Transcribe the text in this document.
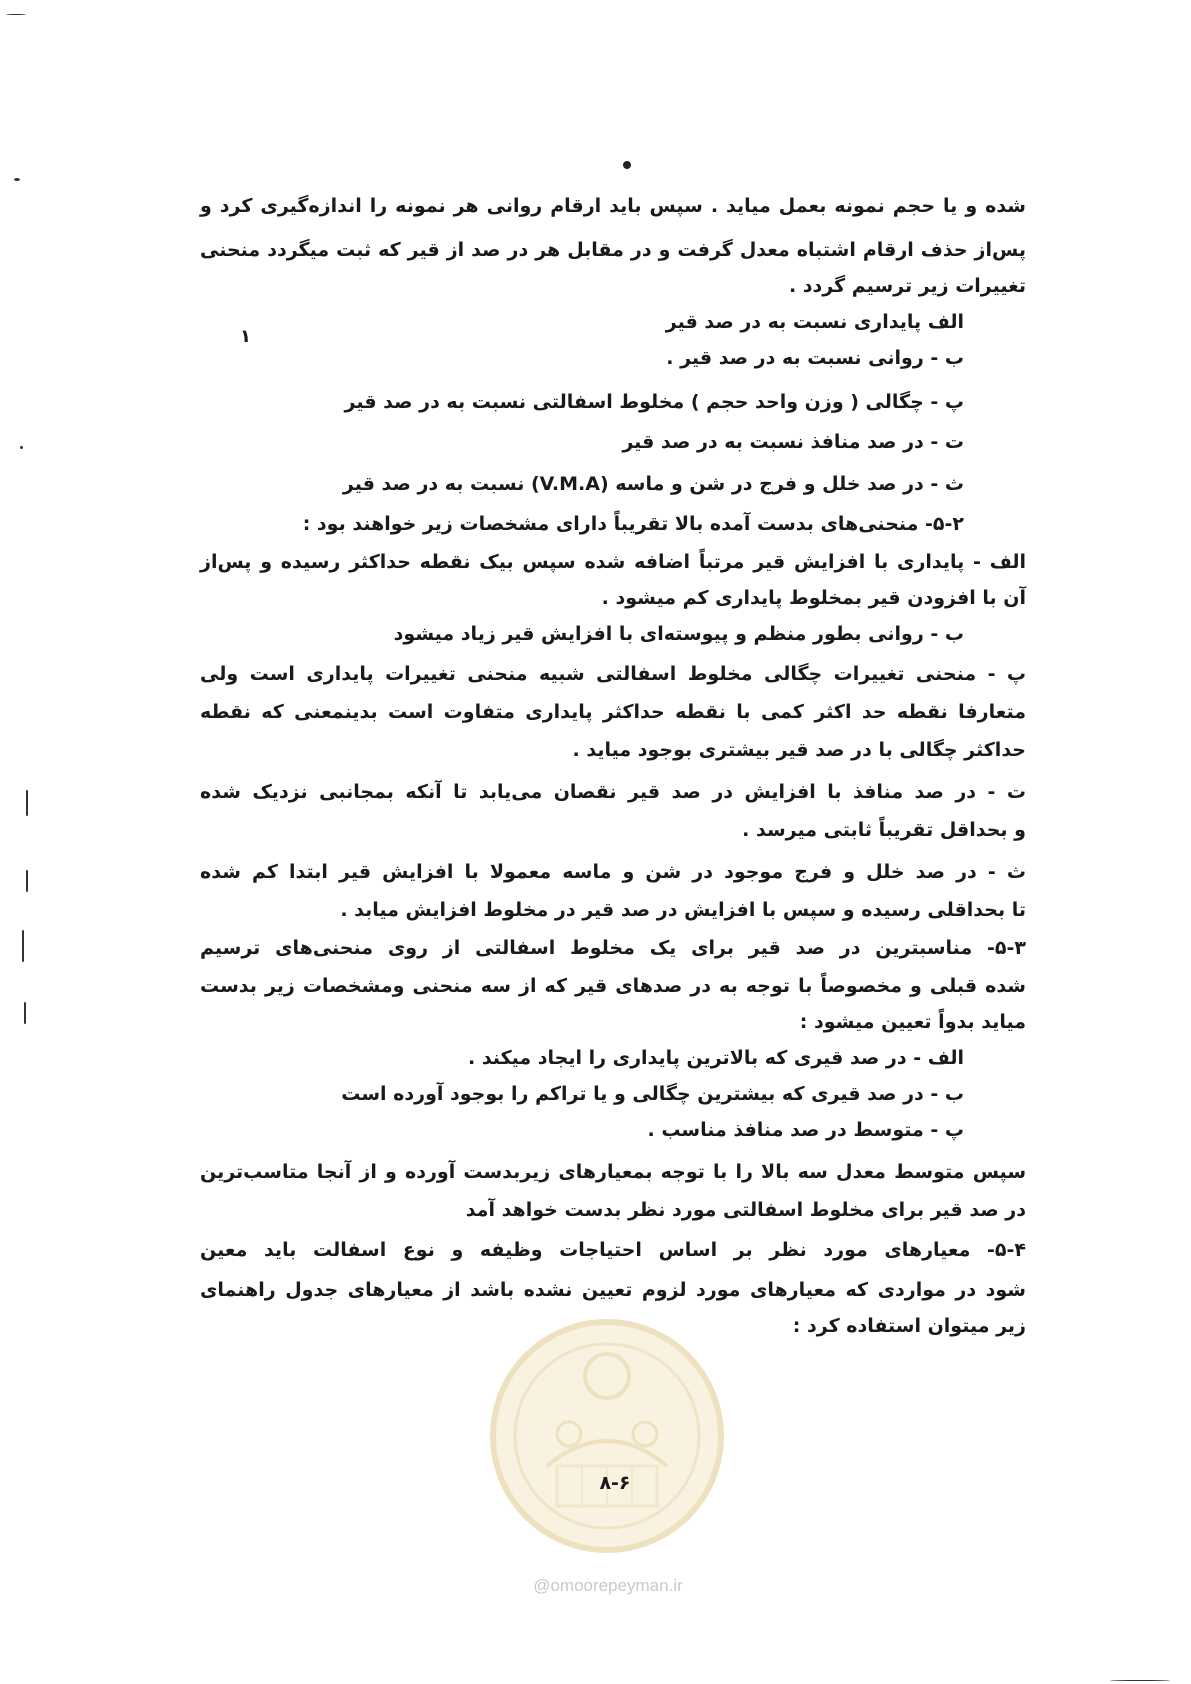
۱
شده و یا حجم نمونه بعمل میاید . سپس باید ارقام روانی هر نمونه را اندازه‌گیری کرد و
پس‌از حذف ارقام اشتباه معدل گرفت و در مقابل هر در صد از قیر که ثبت میگردد منحنی
تغییرات زیر ترسیم گردد .
الف پایداری نسبت به در صد قیر
ب - روانی نسبت به در صد قیر .
پ - چگالی ( وزن واحد حجم ) مخلوط اسفالتی نسبت به در صد قیر
ت - در صد منافذ نسبت به در صد قیر
ث - در صد خلل و فرج در شن و ماسه (V.M.A) نسبت به در صد قیر
۵-۲- منحنی‌های بدست آمده بالا تقریباً دارای مشخصات زیر خواهند بود :
الف - پایداری با افزایش قیر مرتباً اضافه شده سپس بیک نقطه حداکثر رسیده و پس‌از
آن با افزودن قیر بمخلوط پایداری کم میشود .
ب - روانی بطور منظم و پیوسته‌ای با افزایش قیر زیاد میشود
پ - منحنی تغییرات چگالی مخلوط اسفالتی شبیه منحنی تغییرات پایداری است ولی
متعارفا نقطه حد اکثر کمی با نقطه حداکثر پایداری متفاوت است بدینمعنی که نقطه
حداکثر چگالی با در صد قیر بیشتری بوجود میاید .
ت - در صد منافذ با افزایش در صد قیر نقصان می‌یابد تا آنکه بمجانبی نزدیک شده
و بحداقل تقریباً ثابتی میرسد .
ث - در صد خلل و فرج موجود در شن و ماسه معمولا با افزایش قیر ابتدا کم شده
تا بحداقلی رسیده و سپس با افزایش در صد قیر در مخلوط افزایش میابد .
۵-۳- مناسبترین در صد قیر برای یک مخلوط اسفالتی از روی منحنی‌های ترسیم
شده قبلی و مخصوصاً با توجه به در صدهای قیر که از سه منحنی ومشخصات زیر بدست
میاید بدواً تعیین میشود :
الف - در صد قیری که بالاترین پایداری را ایجاد میکند .
ب - در صد قیری که بیشترین چگالی و یا تراکم را بوجود آورده است
پ - متوسط در صد منافذ مناسب .
سپس متوسط معدل سه بالا را با توجه بمعیارهای زیربدست آورده و از آنجا متاسب‌ترین
در صد قیر برای مخلوط اسفالتی مورد نظر بدست خواهد آمد
۵-۴- معیارهای مورد نظر بر اساس احتیاجات وظیفه و نوع اسفالت باید معین
شود در مواردی که معیارهای مورد لزوم تعیین نشده باشد از معیارهای جدول راهنمای
زیر میتوان استفاده کرد :
۸-۶
@omoorepeyman.ir
